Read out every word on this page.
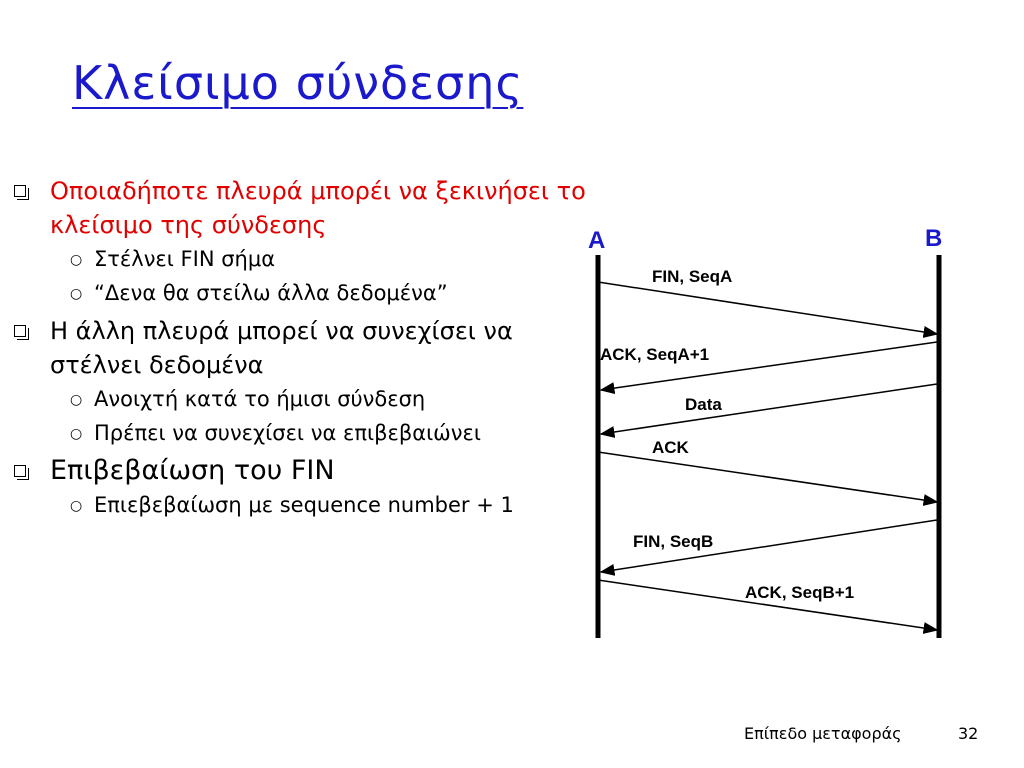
Κλείσιμο σύνδεσης
Οποιαδήποτε πλευρά μπορέι να ξεκινήσει το κλείσιμο της σύνδεσης
○ Στέλνει FIN σήμα
○ “Δενα θα στείλω άλλα δεδομένα”
Η άλλη πλευρά μπορεί να συνεχίσει να στέλνει δεδομένα
○ Ανοιχτή κατά το ήμισι σύνδεση
○ Πρέπει να συνεχίσει να επιβεβαιώνει
Επιβεβαίωση του FIN
○ Επιεβεβαίωση με sequence number + 1
A	B
FIN, SeqA
ACK, SeqA+1
Data
ACK
FIN, SeqB
ACK, SeqB+1
Επίπεδο μεταφοράς	32
